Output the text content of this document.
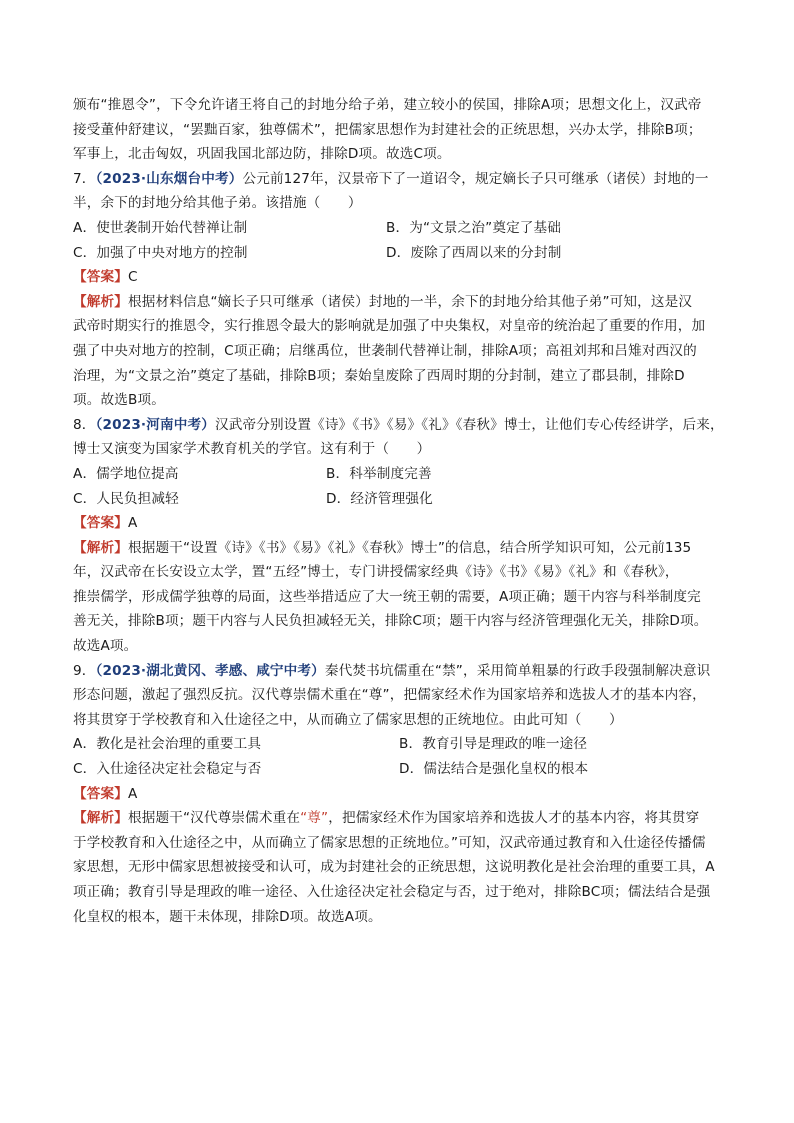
颁布“推恩令”，下令允许诸王将自己的封地分给子弟，建立较小的侯国，排除A项；思想文化上，汉武帝
接受董仲舒建议，“罢黜百家，独尊儒术”，把儒家思想作为封建社会的正统思想，兴办太学，排除B项；
军事上，北击匈奴，巩固我国北部边防，排除D项。故选C项。
7．（2023·山东烟台中考）公元前127年，汉景帝下了一道诏令，规定嫡长子只可继承（诸侯）封地的一
半，余下的封地分给其他子弟。该措施（　　）
A．使世袭制开始代替禅让制	B．为“文景之治”奠定了基础
C．加强了中央对地方的控制	D．废除了西周以来的分封制
【答案】C
【解析】根据材料信息“嫡长子只可继承（诸侯）封地的一半，余下的封地分给其他子弟”可知，这是汉
武帝时期实行的推恩令，实行推恩令最大的影响就是加强了中央集权，对皇帝的统治起了重要的作用，加
强了中央对地方的控制，C项正确；启继禹位，世袭制代替禅让制，排除A项；高祖刘邦和吕雉对西汉的
治理，为“文景之治”奠定了基础，排除B项；秦始皇废除了西周时期的分封制，建立了郡县制，排除D
项。故选B项。
8．（2023·河南中考）汉武帝分别设置《诗》《书》《易》《礼》《春秋》博士，让他们专心传经讲学，后来，
博士又演变为国家学术教育机关的学官。这有利于（　　）
A．儒学地位提高	B．科举制度完善
C．人民负担减轻	D．经济管理强化
【答案】A
【解析】根据题干“设置《诗》《书》《易》《礼》《春秋》博士”的信息，结合所学知识可知，公元前135
年，汉武帝在长安设立太学，置“五经”博士，专门讲授儒家经典《诗》《书》《易》《礼》和《春秋》，
推崇儒学，形成儒学独尊的局面，这些举措适应了大一统王朝的需要，A项正确；题干内容与科举制度完
善无关，排除B项；题干内容与人民负担减轻无关，排除C项；题干内容与经济管理强化无关，排除D项。
故选A项。
9．（2023·湖北黄冈、孝感、咸宁中考）秦代焚书坑儒重在“禁”，采用简单粗暴的行政手段强制解决意识
形态问题，激起了强烈反抗。汉代尊崇儒术重在“尊”，把儒家经术作为国家培养和选拔人才的基本内容，
将其贯穿于学校教育和入仕途径之中，从而确立了儒家思想的正统地位。由此可知（　　）
A．教化是社会治理的重要工具	B．教育引导是理政的唯一途径
C．入仕途径决定社会稳定与否	D．儒法结合是强化皇权的根本
【答案】A
【解析】根据题干“汉代尊崇儒术重在“尊”，把儒家经术作为国家培养和选拔人才的基本内容，将其贯穿
于学校教育和入仕途径之中，从而确立了儒家思想的正统地位。”可知，汉武帝通过教育和入仕途径传播儒
家思想，无形中儒家思想被接受和认可，成为封建社会的正统思想，这说明教化是社会治理的重要工具，A
项正确；教育引导是理政的唯一途径、入仕途径决定社会稳定与否，过于绝对，排除BC项；儒法结合是强
化皇权的根本，题干未体现，排除D项。故选A项。
